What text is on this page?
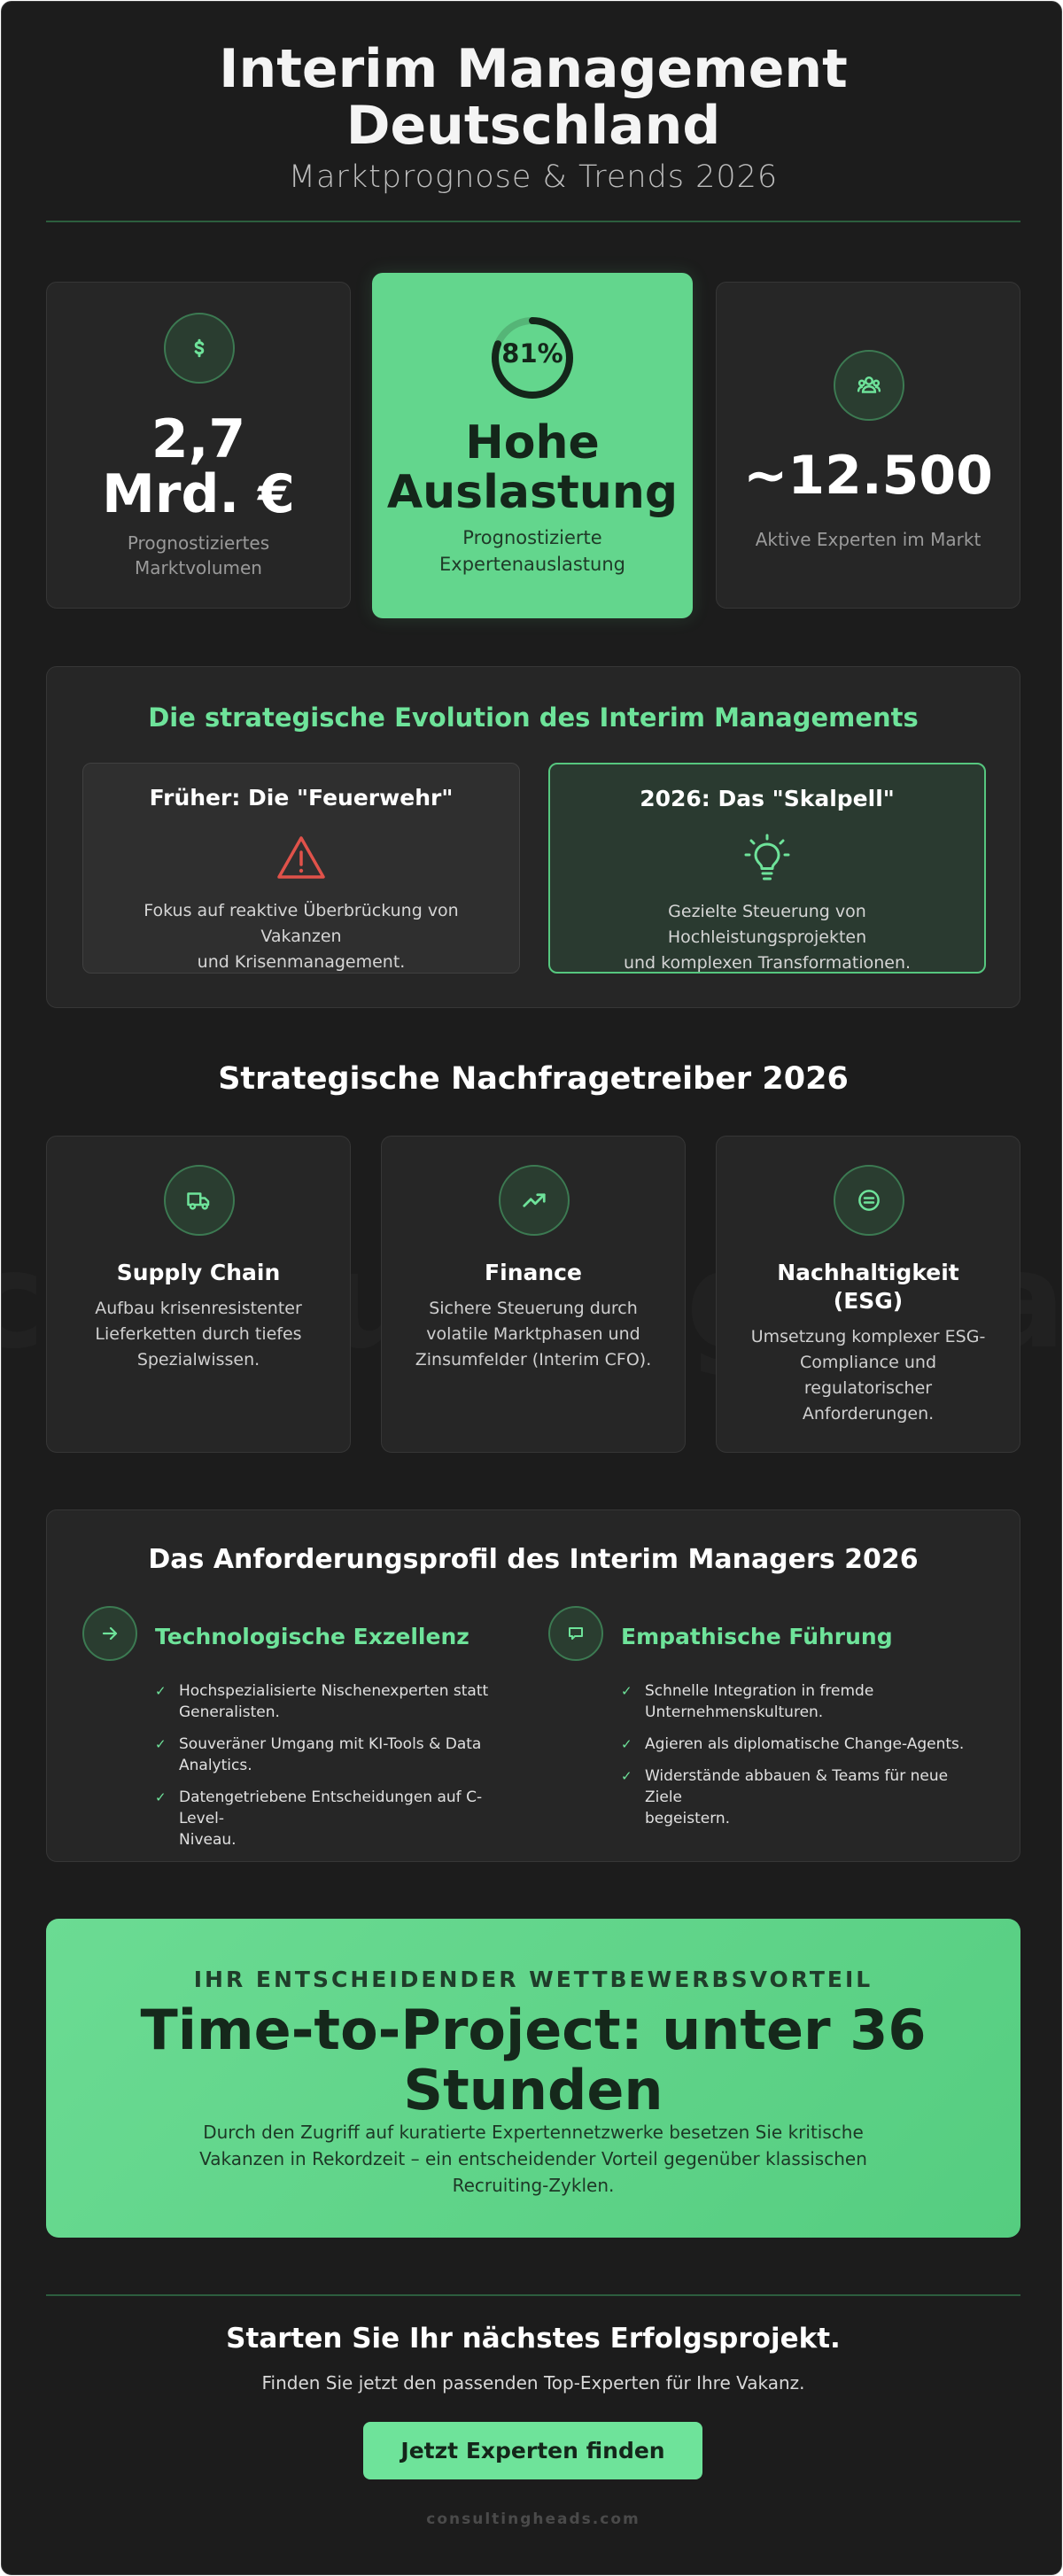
Interim Management
Deutschland
Marktprognose & Trends 2026
2,7
Mrd. €
Prognostiziertes
Marktvolumen
81%
Hohe
Auslastung
Prognostizierte
Expertenauslastung
~12.500
Aktive Experten im Markt
Die strategische Evolution des Interim Managements
Früher: Die "Feuerwehr"

Fokus auf reaktive Überbrückung von Vakanzen
und Krisenmanagement.

2026: Das "Skalpell"

Gezielte Steuerung von Hochleistungsprojekten
und komplexen Transformationen.

Strategische Nachfragetreiber 2026
Supply Chain
Aufbau krisenresistenter
Lieferketten durch tiefes
Spezialwissen.
Finance
Sichere Steuerung durch
volatile Marktphasen und
Zinsumfelder (Interim CFO).
Nachhaltigkeit
(ESG)
Umsetzung komplexer ESG-
Compliance und
regulatorischer
Anforderungen.
Das Anforderungsprofil des Interim Managers 2026
Technologische Exzellenz
✓ Hochspezialisierte Nischenexperten statt
Generalisten.
✓ Souveräner Umgang mit KI-Tools & Data
Analytics.
✓ Datengetriebene Entscheidungen auf C-Level-
Niveau.
Empathische Führung
✓ Schnelle Integration in fremde
Unternehmenskulturen.
✓ Agieren als diplomatische Change-Agents.
✓ Widerstände abbauen & Teams für neue Ziele
begeistern.
IHR ENTSCHEIDENDER WETTBEWERBSVORTEIL
Time-to-Project: unter 36
Stunden
Durch den Zugriff auf kuratierte Expertennetzwerke besetzen Sie kritische
Vakanzen in Rekordzeit – ein entscheidender Vorteil gegenüber klassischen
Recruiting-Zyklen.
Starten Sie Ihr nächstes Erfolgsprojekt.
Finden Sie jetzt den passenden Top-Experten für Ihre Vakanz.
Jetzt Experten finden
consultingheads.com
